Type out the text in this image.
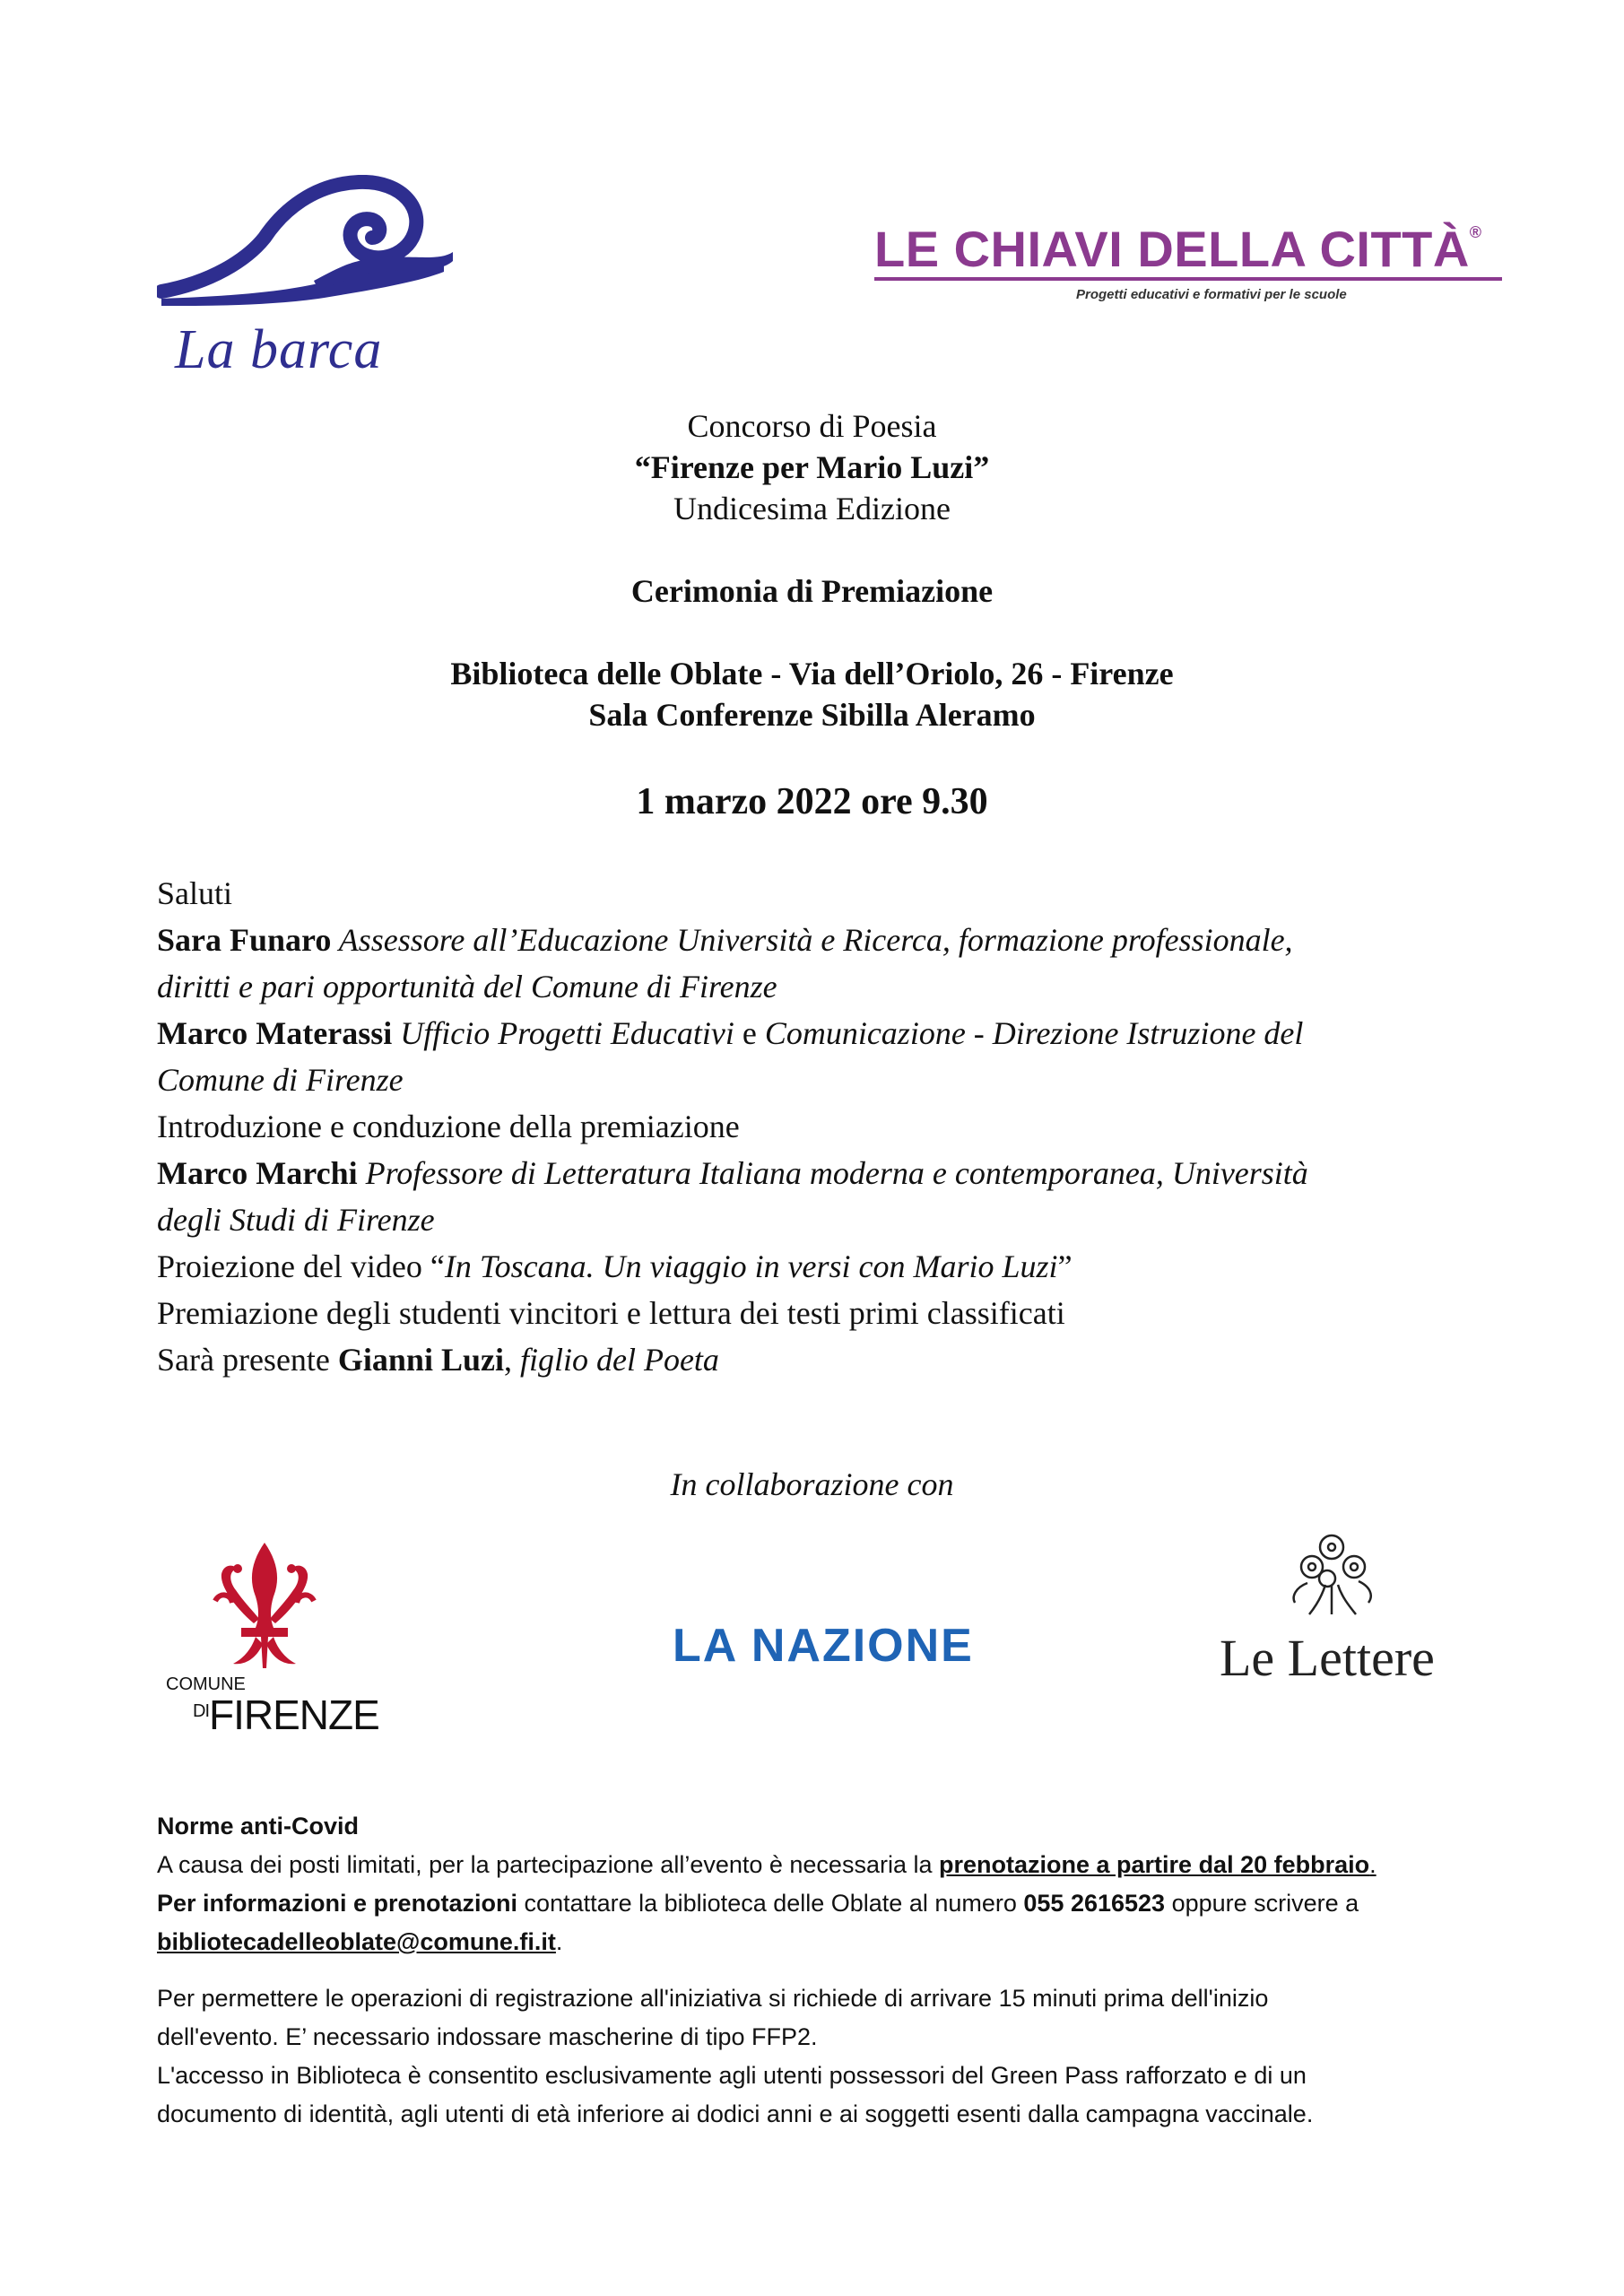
La barca
LE CHIAVI DELLA CITTÀ®
Progetti educativi e formativi per le scuole
Concorso di Poesia
“Firenze per Mario Luzi”
Undicesima Edizione
Cerimonia di Premiazione
Biblioteca delle Oblate - Via dell’Oriolo, 26 - Firenze
Sala Conferenze Sibilla Aleramo
1 marzo 2022 ore 9.30

Saluti

Sara Funaro Assessore all’Educazione Università e Ricerca, formazione professionale,

diritti e pari opportunità del Comune di Firenze

Marco Materassi Ufficio Progetti Educativi e Comunicazione - Direzione Istruzione del

Comune di Firenze

Introduzione e conduzione della premiazione

Marco Marchi Professore di Letteratura Italiana moderna e contemporanea, Università

degli Studi di Firenze

Proiezione del video “In Toscana. Un viaggio in versi con Mario Luzi”

Premiazione degli studenti vincitori e lettura dei testi primi classificati

Sarà presente Gianni Luzi, figlio del Poeta

In collaborazione con
COMUNE
$^{DI}$FIRENZE
LA NAZIONE	Le Lettere

Norme anti-Covid

A causa dei posti limitati, per la partecipazione all’evento è necessaria la prenotazione a partire dal 20 febbraio.

Per informazioni e prenotazioni contattare la biblioteca delle Oblate al numero 055 2616523 oppure scrivere a

bibliotecadelleoblate@comune.fi.it.

Per permettere le operazioni di registrazione all'iniziativa si richiede di arrivare 15 minuti prima dell'inizio

dell'evento. E’ necessario indossare mascherine di tipo FFP2.

L'accesso in Biblioteca è consentito esclusivamente agli utenti possessori del Green Pass rafforzato e di un

documento di identità, agli utenti di età inferiore ai dodici anni e ai soggetti esenti dalla campagna vaccinale.
